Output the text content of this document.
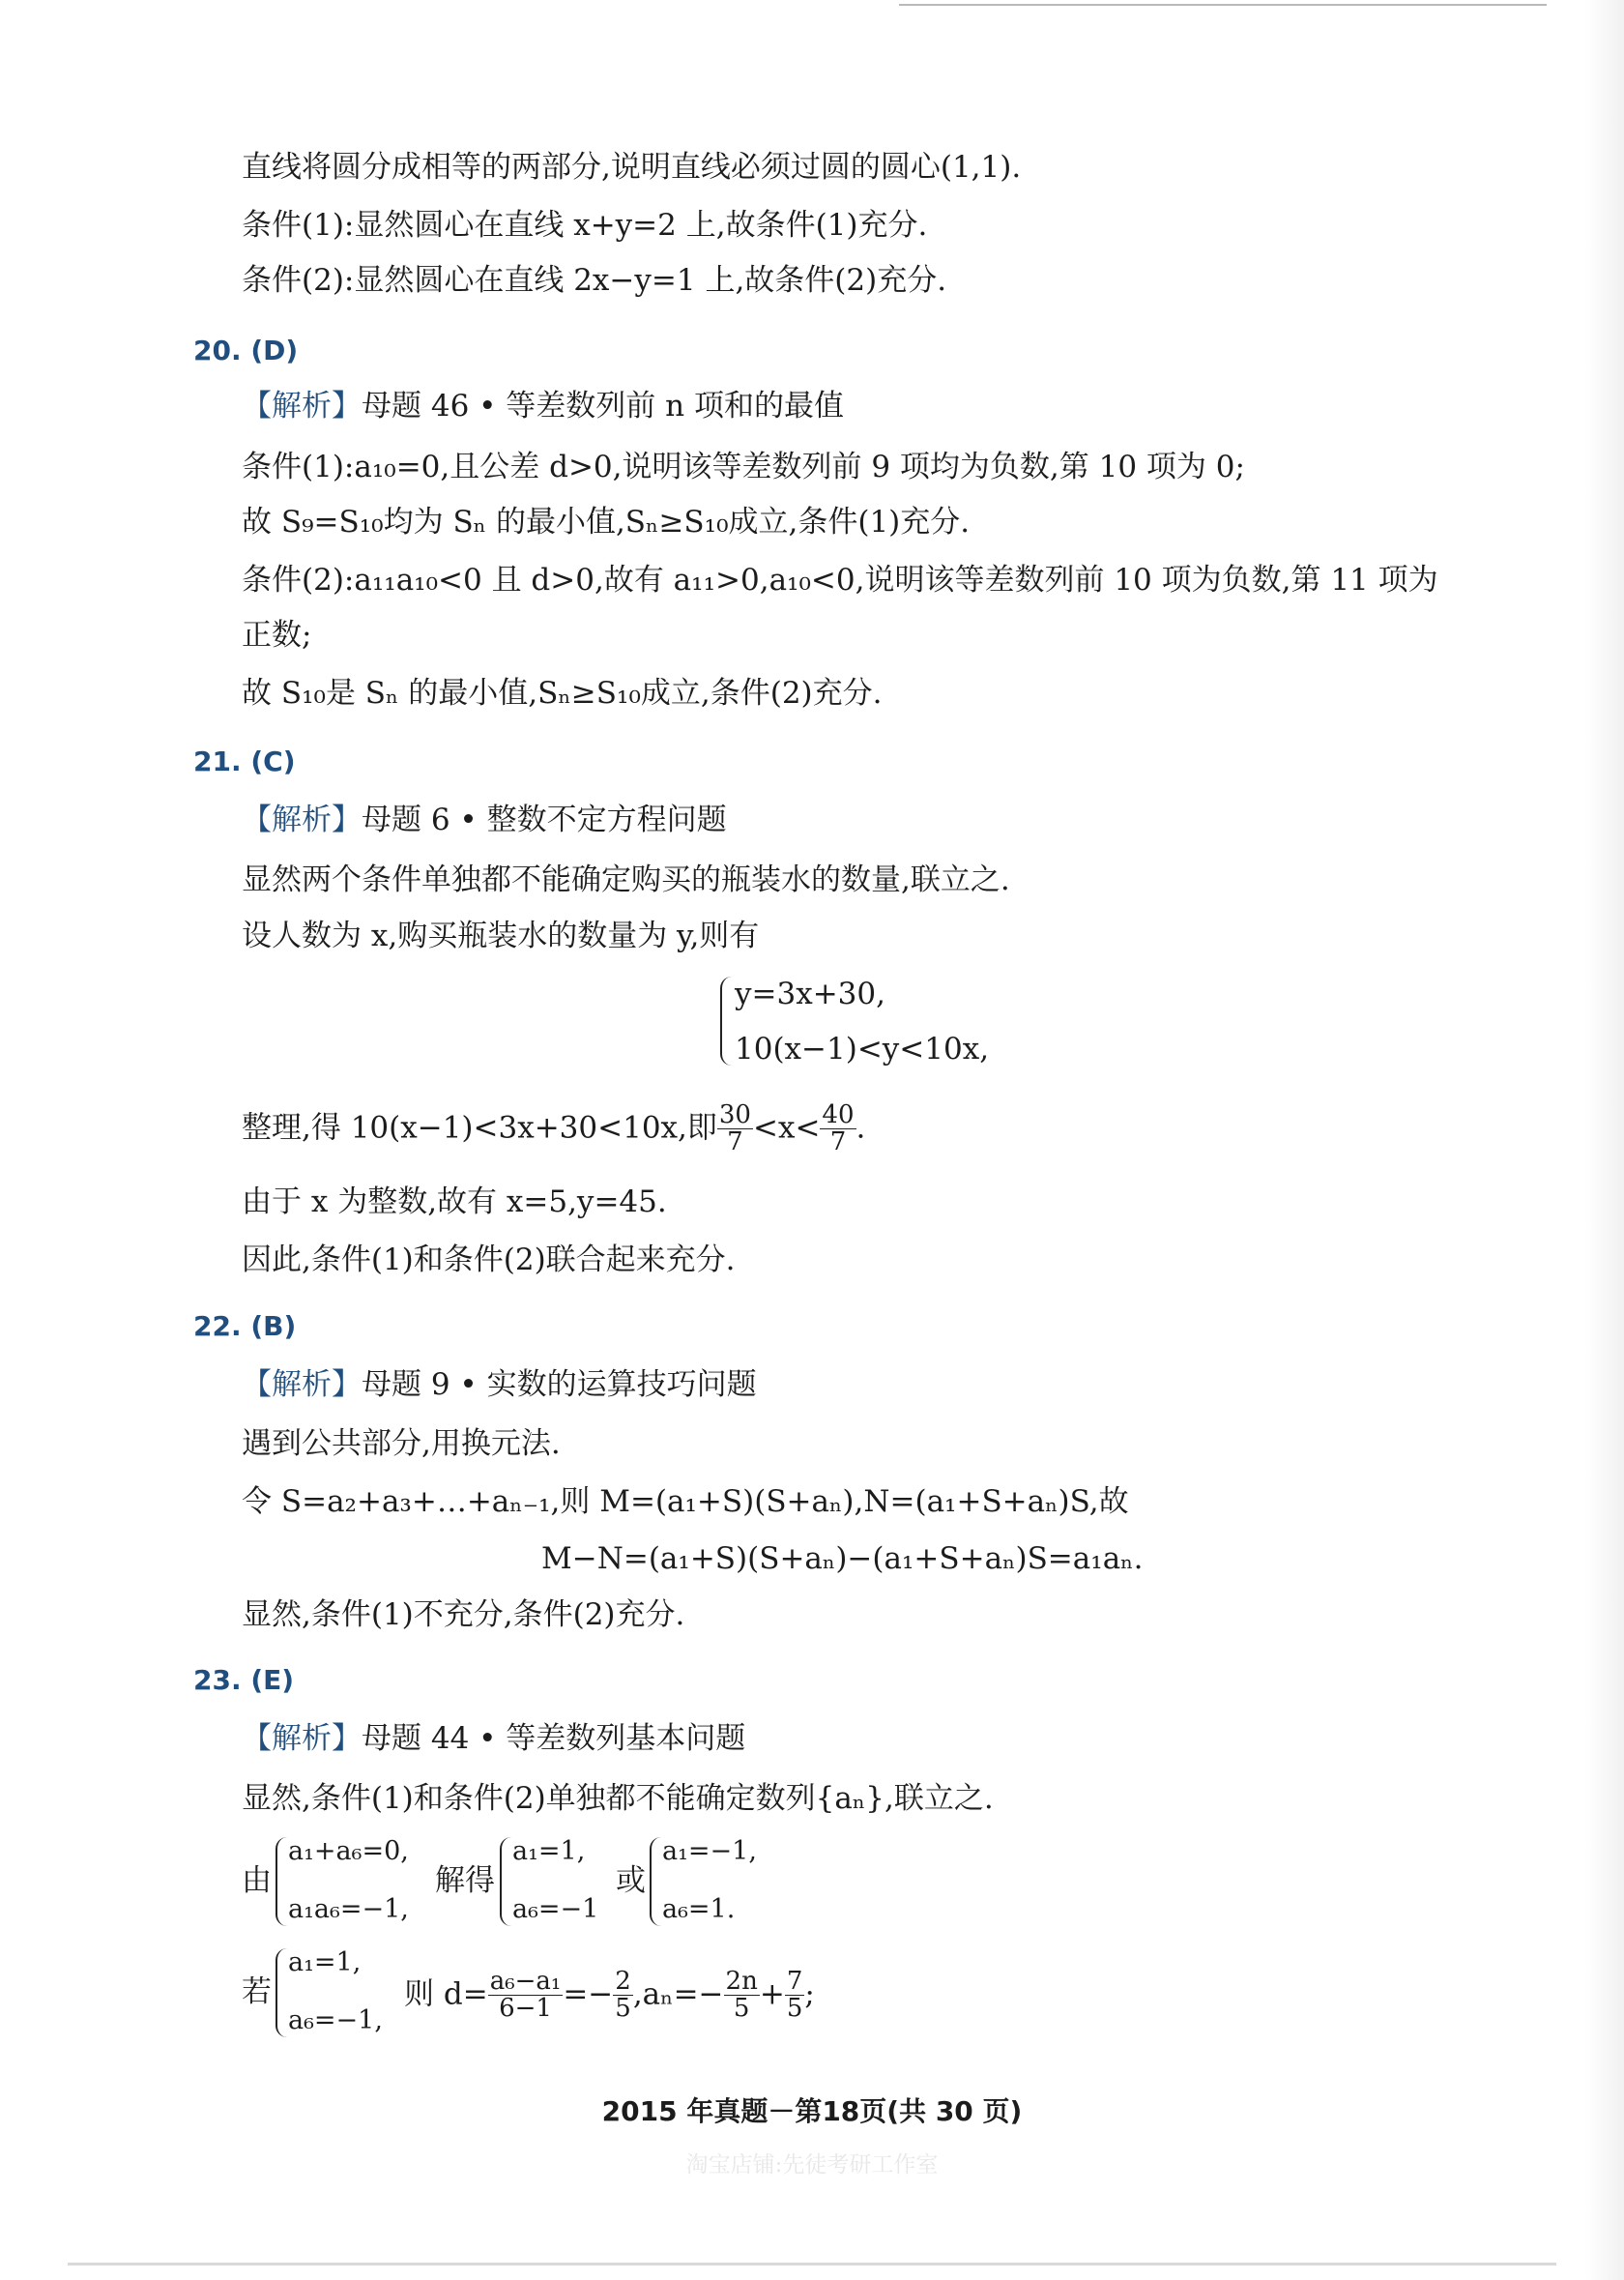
直线将圆分成相等的两部分,说明直线必须过圆的圆心(1,1).
条件(1):显然圆心在直线 x+y=2 上,故条件(1)充分.
条件(2):显然圆心在直线 2x−y=1 上,故条件(2)充分.
20. (D)
【解析】母题 46 • 等差数列前 n 项和的最值
条件(1):a₁₀=0,且公差 d>0,说明该等差数列前 9 项均为负数,第 10 项为 0;
故 S₉=S₁₀均为 Sₙ 的最小值,Sₙ≥S₁₀成立,条件(1)充分.
条件(2):a₁₁a₁₀<0 且 d>0,故有 a₁₁>0,a₁₀<0,说明该等差数列前 10 项为负数,第 11 项为
正数;
故 S₁₀是 Sₙ 的最小值,Sₙ≥S₁₀成立,条件(2)充分.
21. (C)
【解析】母题 6 • 整数不定方程问题
显然两个条件单独都不能确定购买的瓶装水的数量,联立之.
设人数为 x,购买瓶装水的数量为 y,则有
y=3x+30,
10(x−1)<y<10x,
整理,得 10(x−1)<3x+30<10x,即 $\frac{30}{7} <x< \frac{40}{7}$ .
由于 x 为整数,故有 x=5,y=45.
因此,条件(1)和条件(2)联合起来充分.
22. (B)
【解析】母题 9 • 实数的运算技巧问题
遇到公共部分,用换元法.
令 S=a₂+a₃+…+aₙ₋₁,则 M=(a₁+S)(S+aₙ),N=(a₁+S+aₙ)S,故
M−N=(a₁+S)(S+aₙ)−(a₁+S+aₙ)S=a₁aₙ.
显然,条件(1)不充分,条件(2)充分.
23. (E)
【解析】母题 44 • 等差数列基本问题
显然,条件(1)和条件(2)单独都不能确定数列{aₙ},联立之.
由
a₁+a₆=0,
a₁a₆=−1,
解得
a₁=1,
a₆=−1
或
a₁=−1,
a₆=1.
若
a₁=1,
a₆=−1,
则 $d= \frac{\text{a₆−a₁}}{6-1} =- \frac{2}{5} ,a_n=- \frac{2n}{5} + \frac{7}{5}$ ;
2015 年真题－第18页(共 30 页)
淘宝店铺:先徒考研工作室
